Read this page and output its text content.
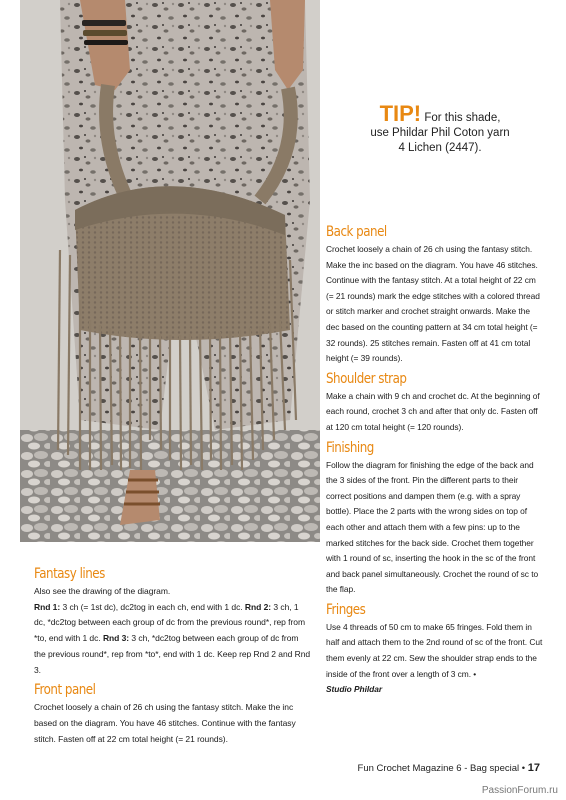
TIP! For this shade,
use Phildar Phil Coton yarn
4 Lichen (2447).
Back panel

Crochet loosely a chain of 26 ch using the fantasy stitch. Make the inc based on the diagram. You have 46 stitches. Continue with the fantasy stitch. At a total height of 22 cm (= 21 rounds) mark the edge stitches with a colored thread or stitch marker and crochet straight onwards. Make the dec based on the counting pattern at 34 cm total height (= 32 rounds). 25 stitches remain. Fasten off at 41 cm total height (= 39 rounds).

Shoulder strap

Make a chain with 9 ch and crochet dc. At the beginning of each round, crochet 3 ch and after that only dc. Fasten off at 120 cm total height (= 120 rounds).

Finishing

Follow the diagram for finishing the edge of the back and the 3 sides of the front. Pin the different parts to their correct positions and dampen them (e.g. with a spray bottle). Place the 2 parts with the wrong sides on top of each other and attach them with a few pins: up to the marked stitches for the back side. Crochet them together with 1 round of sc, inserting the hook in the sc of the front and back panel simultaneously. Crochet the round of sc to the flap.

Fringes

Use 4 threads of 50 cm to make 65 fringes. Fold them in half and attach them to the 2nd round of sc of the front. Cut them evenly at 22 cm. Sew the shoulder strap ends to the inside of the front over a length of 3 cm. •

Studio Phildar

Fantasy lines

Also see the drawing of the diagram.

Rnd 1: 3 ch (= 1st dc), dc2tog in each ch, end with 1 dc. Rnd 2: 3 ch, 1 dc, *dc2tog between each group of dc from the previous round*, rep from *to, end with 1 dc. Rnd 3: 3 ch, *dc2tog between each group of dc from the previous round*, rep from *to*, end with 1 dc. Keep rep Rnd 2 and Rnd 3.

Front panel

Crochet loosely a chain of 26 ch using the fantasy stitch. Make the inc based on the diagram. You have 46 stitches. Continue with the fantasy stitch. Fasten off at 22 cm total height (= 21 rounds).

Fun Crochet Magazine 6 - Bag special • 17
PassionForum.ru
